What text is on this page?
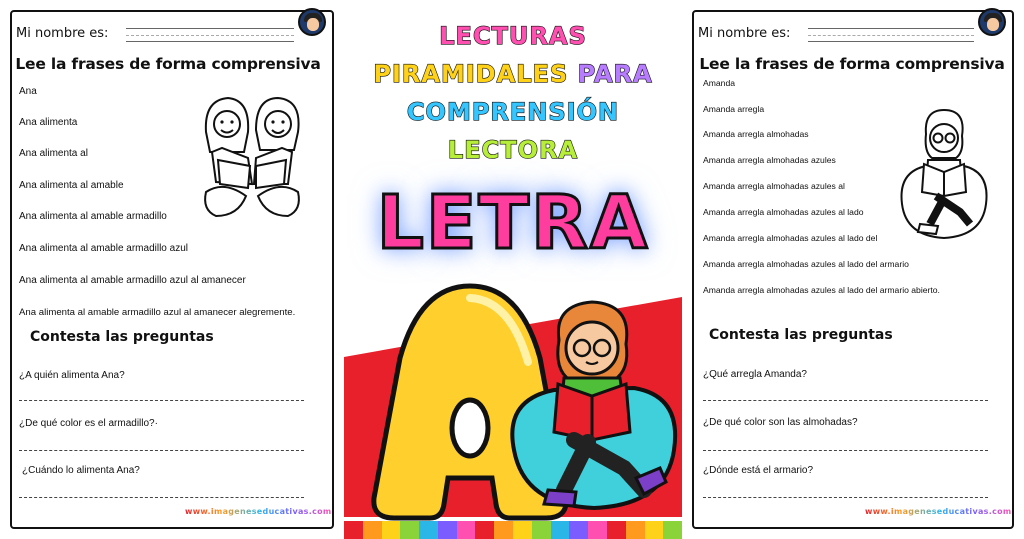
Mi nombre es:
Lee la frases de forma comprensiva
Ana
Ana alimenta
Ana alimenta al
Ana alimenta al amable
Ana alimenta al amable armadillo
Ana alimenta al amable armadillo azul
Ana alimenta al amable armadillo azul al amanecer
Ana alimenta al amable armadillo azul al amanecer alegremente.
Contesta las preguntas
¿A quién alimenta Ana?
¿De qué color es el armadillo?·
¿Cuándo lo alimenta Ana?
www.imageneseducativas.com
LECTURAS
PIRAMIDALES PARA
COMPRENSIÓN
LECTORA
LETRA
Mi nombre es:
Lee la frases de forma comprensiva
Amanda
Amanda arregla
Amanda arregla almohadas
Amanda arregla almohadas azules
Amanda arregla almohadas azules al
Amanda arregla almohadas azules al lado
Amanda arregla almohadas azules al lado del
Amanda arregla almohadas azules al lado del armario
Amanda arregla almohadas azules al lado del armario abierto.
Contesta las preguntas
¿Qué arregla Amanda?
¿De qué color son las almohadas?
¿Dónde está el armario?
www.imageneseducativas.com
